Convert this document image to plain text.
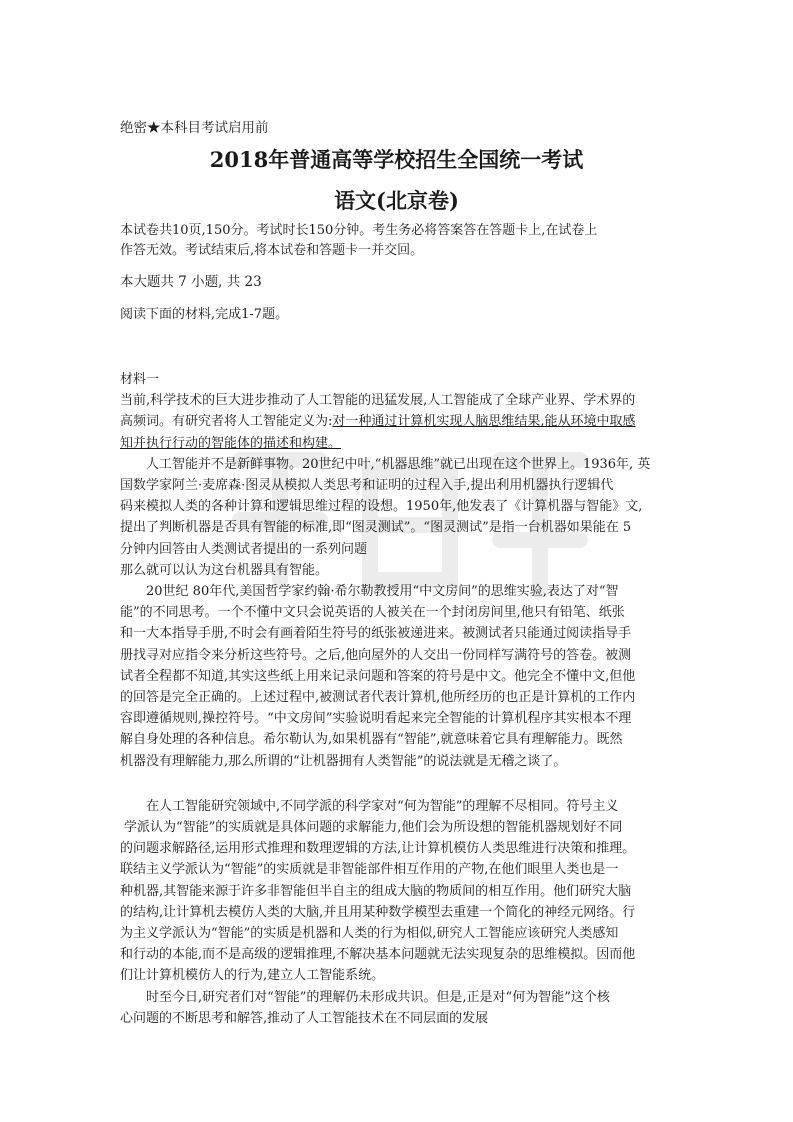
绝密★本科目考试启用前
2018年普通高等学校招生全国统一考试
语文(北京卷)
本试卷共10页,150分。考试时长150分钟。考生务必将答案答在答题卡上,在试卷上
作答无效。考试结束后,将本试卷和答题卡一并交回。
本大题共 7 小题, 共 23
阅读下面的材料,完成1-7题。
材料一
当前,科学技术的巨大进步推动了人工智能的迅猛发展,人工智能成了全球产业界、学术界的
高频词。有研究者将人工智能定义为:对一种通过计算机实现人脑思维结果,能从环境中取感
知并执行行动的智能体的描述和构建。
人工智能并不是新鲜事物。20世纪中叶,“机器思维”就已出现在这个世界上。1936年, 英
国数学家阿兰·麦席森·图灵从模拟人类思考和证明的过程入手,提出利用机器执行逻辑代
码来模拟人类的各种计算和逻辑思维过程的设想。1950年,他发表了《计算机器与智能》文,
提出了判断机器是否具有智能的标准,即“图灵测试”。“图灵测试”是指一台机器如果能在 5
分钟内回答由人类测试者提出的一系列问题
那么就可以认为这台机器具有智能。
20世纪 80年代,美国哲学家约翰·希尔勒教授用“中文房间”的思维实验,表达了对“智
能”的不同思考。一个不懂中文只会说英语的人被关在一个封闭房间里,他只有铅笔、纸张
和一大本指导手册,不时会有画着陌生符号的纸张被递进来。被测试者只能通过阅读指导手
册找寻对应指令来分析这些符号。之后,他向屋外的人交出一份同样写满符号的答卷。被测
试者全程都不知道,其实这些纸上用来记录问题和答案的符号是中文。他完全不懂中文,但他
的回答是完全正确的。上述过程中,被测试者代表计算机,他所经历的也正是计算机的工作内
容即遵循规则,操控符号。“中文房间”实验说明看起来完全智能的计算机程序其实根本不理
解自身处理的各种信息。希尔勒认为,如果机器有“智能”,就意味着它具有理解能力。既然
机器没有理解能力,那么所谓的“让机器拥有人类智能”的说法就是无稽之谈了。
在人工智能研究领域中,不同学派的科学家对“何为智能”的理解不尽相同。符号主义
学派认为“智能”的实质就是具体问题的求解能力,他们会为所设想的智能机器规划好不同
的问题求解路径,运用形式推理和数理逻辑的方法,让计算机模仿人类思维进行决策和推理。
联结主义学派认为“智能”的实质就是非智能部件相互作用的产物,在他们眼里人类也是一
种机器,其智能来源于许多非智能但半自主的组成大脑的物质间的相互作用。他们研究大脑
的结构,让计算机去模仿人类的大脑,并且用某种数学模型去重建一个简化的神经元网络。行
为主义学派认为“智能”的实质是机器和人类的行为相似,研究人工智能应该研究人类感知
和行动的本能,而不是高级的逻辑推理,不解决基本问题就无法实现复杂的思维模拟。因而他
们让计算机模仿人的行为,建立人工智能系统。
时至今日,研究者们对“智能”的理解仍未形成共识。但是,正是对“何为智能”这个核
心问题的不断思考和解答,推动了人工智能技术在不同层面的发展
